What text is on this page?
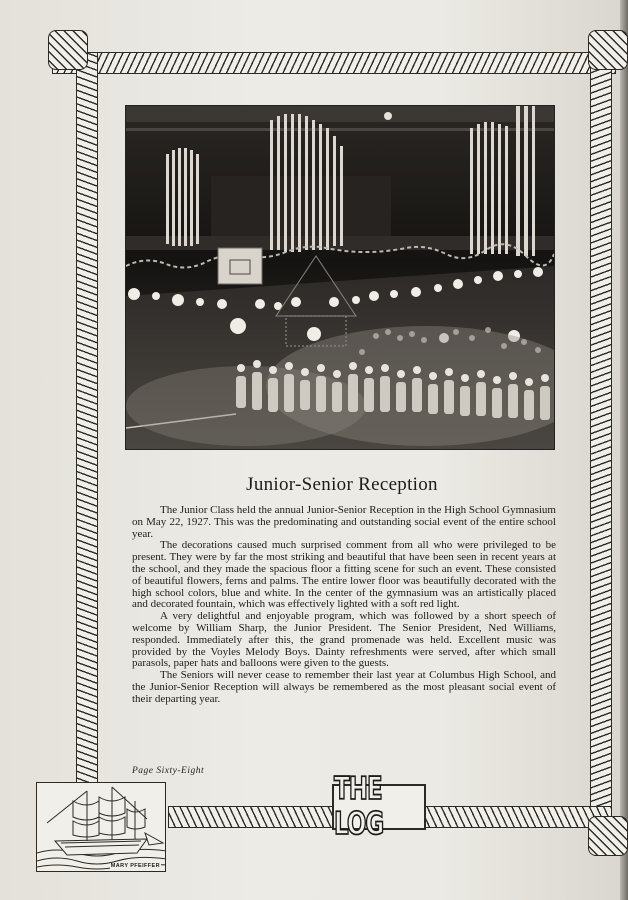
Junior-Senior Reception

The Junior Class held the annual Junior-Senior Reception in the High School Gymnasium on May 22, 1927. This was the predominating and outstanding social event of the entire school year.

The decorations caused much surprised comment from all who were privileged to be present. They were by far the most striking and beautiful that have been seen in recent years at the school, and they made the spacious floor a fitting scene for such an event. These consisted of beautiful flowers, ferns and palms. The entire lower floor was beautifully decorated with the high school colors, blue and white. In the center of the gymnasium was an artistically placed and decorated fountain, which was effectively lighted with a soft red light.

A very delightful and enjoyable program, which was followed by a short speech of welcome by William Sharp, the Junior President. The Senior President, Ned Williams, responded. Immediately after this, the grand promenade was held. Excellent music was provided by the Voyles Melody Boys. Dainty refreshments were served, after which small parasols, paper hats and balloons were given to the guests.

The Seniors will never cease to remember their last year at Columbus High School, and the Junior-Senior Reception will always be remembered as the most pleasant social event of their departing year.

Page Sixty-Eight
MARY PFEIFFER
THE LOG
